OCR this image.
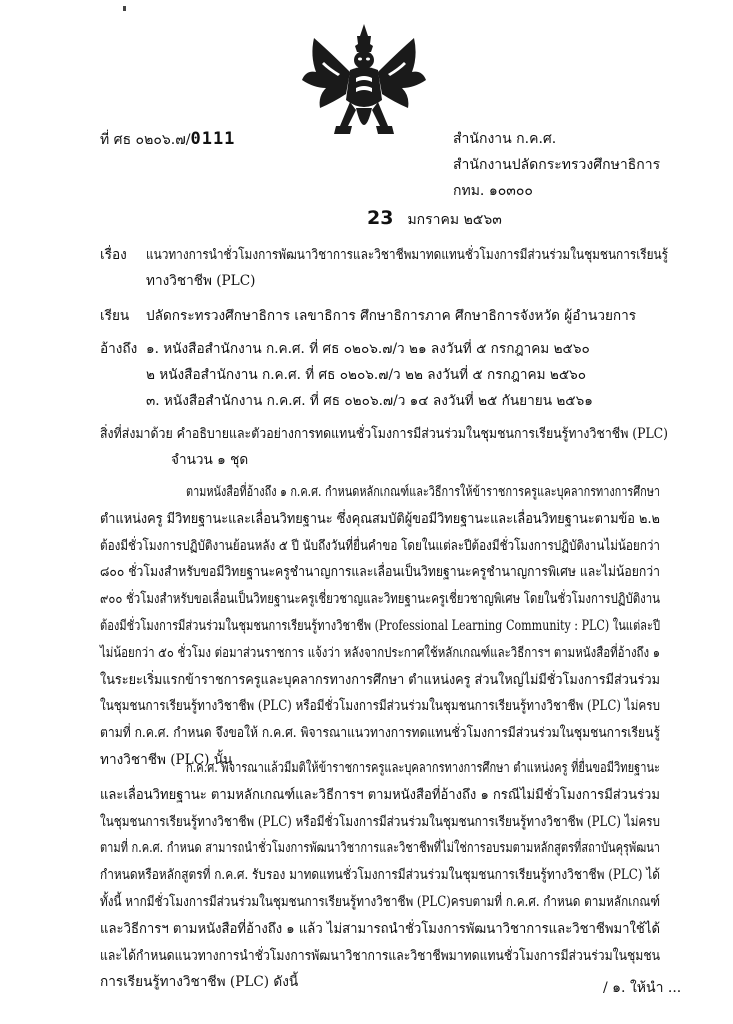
ที่ ศธ ๐๒๐๖.๗/0111	สำนักงาน ก.ค.ศ.
สำนักงานปลัดกระทรวงศึกษาธิการ
กทม. ๑๐๓๐๐
23 มกราคม ๒๕๖๓
เรื่อง แนวทางการนำชั่วโมงการพัฒนาวิชาการและวิชาชีพมาทดแทนชั่วโมงการมีส่วนร่วมในชุมชนการเรียนรู้
ทางวิชาชีพ (PLC)
เรียน ปลัดกระทรวงศึกษาธิการ เลขาธิการ ศึกษาธิการภาค ศึกษาธิการจังหวัด ผู้อำนวยการ
อ้างถึง ๑. หนังสือสำนักงาน ก.ค.ศ. ที่ ศธ ๐๒๐๖.๗/ว ๒๑ ลงวันที่ ๕ กรกฎาคม ๒๕๖๐
๒ หนังสือสำนักงาน ก.ค.ศ. ที่ ศธ ๐๒๐๖.๗/ว ๒๒ ลงวันที่ ๕ กรกฎาคม ๒๕๖๐
๓. หนังสือสำนักงาน ก.ค.ศ. ที่ ศธ ๐๒๐๖.๗/ว ๑๔ ลงวันที่ ๒๕ กันยายน ๒๕๖๑
สิ่งที่ส่งมาด้วย คำอธิบายและตัวอย่างการทดแทนชั่วโมงการมีส่วนร่วมในชุมชนการเรียนรู้ทางวิชาชีพ (PLC)
จำนวน ๑ ชุด
ตามหนังสือที่อ้างถึง ๑ ก.ค.ศ. กำหนดหลักเกณฑ์และวิธีการให้ข้าราชการครูและบุคลากรทางการศึกษา
ตำแหน่งครู มีวิทยฐานะและเลื่อนวิทยฐานะ ซึ่งคุณสมบัติผู้ขอมีวิทยฐานะและเลื่อนวิทยฐานะตามข้อ ๒.๒
ต้องมีชั่วโมงการปฏิบัติงานย้อนหลัง ๕ ปี นับถึงวันที่ยื่นคำขอ โดยในแต่ละปีต้องมีชั่วโมงการปฏิบัติงานไม่น้อยกว่า
๘๐๐ ชั่วโมงสำหรับขอมีวิทยฐานะครูชำนาญการและเลื่อนเป็นวิทยฐานะครูชำนาญการพิเศษ และไม่น้อยกว่า
๙๐๐ ชั่วโมงสำหรับขอเลื่อนเป็นวิทยฐานะครูเชี่ยวชาญและวิทยฐานะครูเชี่ยวชาญพิเศษ โดยในชั่วโมงการปฏิบัติงาน
ต้องมีชั่วโมงการมีส่วนร่วมในชุมชนการเรียนรู้ทางวิชาชีพ (Professional Learning Community : PLC) ในแต่ละปี
ไม่น้อยกว่า ๕๐ ชั่วโมง ต่อมาส่วนราชการ แจ้งว่า หลังจากประกาศใช้หลักเกณฑ์และวิธีการฯ ตามหนังสือที่อ้างถึง ๑
ในระยะเริ่มแรกข้าราชการครูและบุคลากรทางการศึกษา ตำแหน่งครู ส่วนใหญ่ไม่มีชั่วโมงการมีส่วนร่วม
ในชุมชนการเรียนรู้ทางวิชาชีพ (PLC) หรือมีชั่วโมงการมีส่วนร่วมในชุมชนการเรียนรู้ทางวิชาชีพ (PLC) ไม่ครบ
ตามที่ ก.ค.ศ. กำหนด จึงขอให้ ก.ค.ศ. พิจารณาแนวทางการทดแทนชั่วโมงการมีส่วนร่วมในชุมชนการเรียนรู้
ทางวิชาชีพ (PLC) นั้น
ก.ค.ศ. พิจารณาแล้วมีมติให้ข้าราชการครูและบุคลากรทางการศึกษา ตำแหน่งครู ที่ยื่นขอมีวิทยฐานะ
และเลื่อนวิทยฐานะ ตามหลักเกณฑ์และวิธีการฯ ตามหนังสือที่อ้างถึง ๑ กรณีไม่มีชั่วโมงการมีส่วนร่วม
ในชุมชนการเรียนรู้ทางวิชาชีพ (PLC) หรือมีชั่วโมงการมีส่วนร่วมในชุมชนการเรียนรู้ทางวิชาชีพ (PLC) ไม่ครบ
ตามที่ ก.ค.ศ. กำหนด สามารถนำชั่วโมงการพัฒนาวิชาการและวิชาชีพที่ไม่ใช่การอบรมตามหลักสูตรที่สถาบันคุรุพัฒนา
กำหนดหรือหลักสูตรที่ ก.ค.ศ. รับรอง มาทดแทนชั่วโมงการมีส่วนร่วมในชุมชนการเรียนรู้ทางวิชาชีพ (PLC) ได้
ทั้งนี้ หากมีชั่วโมงการมีส่วนร่วมในชุมชนการเรียนรู้ทางวิชาชีพ (PLC)ครบตามที่ ก.ค.ศ. กำหนด ตามหลักเกณฑ์
และวิธีการฯ ตามหนังสือที่อ้างถึง ๑ แล้ว ไม่สามารถนำชั่วโมงการพัฒนาวิชาการและวิชาชีพมาใช้ได้
และได้กำหนดแนวทางการนำชั่วโมงการพัฒนาวิชาการและวิชาชีพมาทดแทนชั่วโมงการมีส่วนร่วมในชุมชน
การเรียนรู้ทางวิชาชีพ (PLC) ดังนี้	/ ๑. ให้นำ ...
